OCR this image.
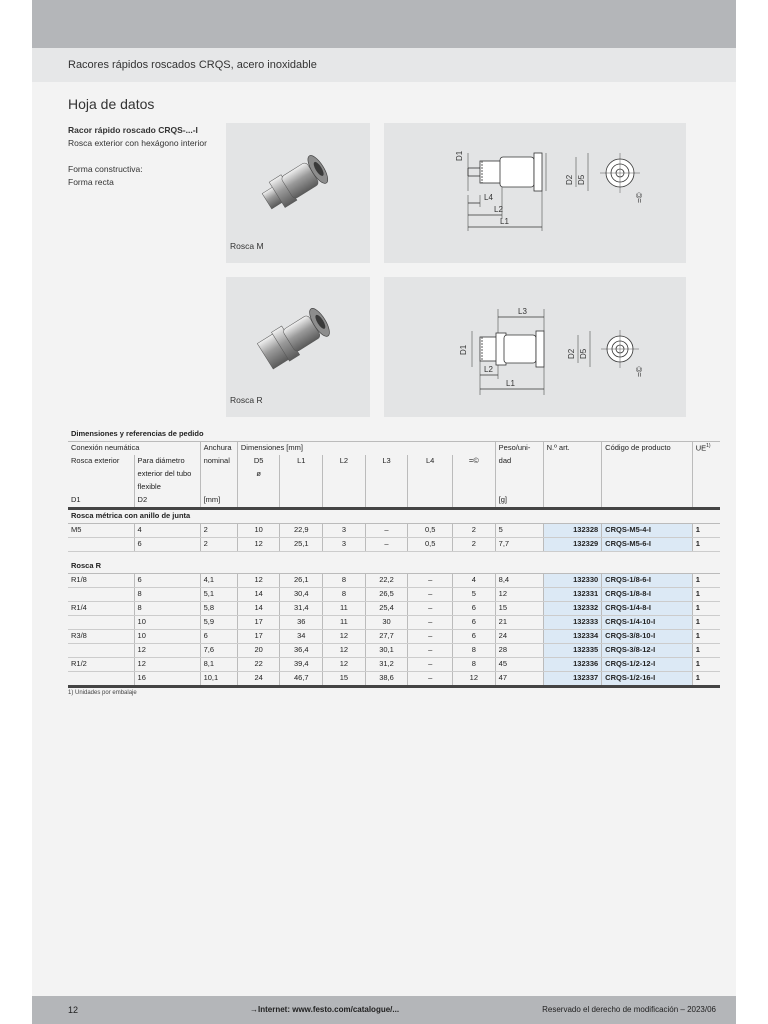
Racores rápidos roscados CRQS, acero inoxidable
Hoja de datos
Racor rápido roscado CRQS-...-I
Rosca exterior con hexágono interior
Forma constructiva:
Forma recta
Rosca M
D1
D2 D5
L4
L2
L1
=©
Rosca R
L3
D1	D2 D5
L2
L1
=©
Dimensiones y referencias de pedido												
Conexión neumática		Anchura	Dimensiones [mm]						Peso/uni-	N.º art.	Código de producto	UE$^{1)}$
Rosca exterior	Para diámetro	nominal	D5	L1	L2	L3	L4	=©	dad			
	exterior del tubo		ø									
	flexible											
D1	D2	[mm]							[g]			
Rosca métrica con anillo de junta												
M5	4	2	10	22,9	3	–	0,5	2	5	132328	CRQS-M5-4-I	1
	6	2	12	25,1	3	–	0,5	2	7,7	132329	CRQS-M5-6-I	1

Rosca R												
R1/8	6	4,1	12	26,1	8	22,2	–	4	8,4	132330	CRQS-1/8-6-I	1
	8	5,1	14	30,4	8	26,5	–	5	12	132331	CRQS-1/8-8-I	1
R1/4	8	5,8	14	31,4	11	25,4	–	6	15	132332	CRQS-1/4-8-I	1
	10	5,9	17	36	11	30	–	6	21	132333	CRQS-1/4-10-I	1
R3/8	10	6	17	34	12	27,7	–	6	24	132334	CRQS-3/8-10-I	1
	12	7,6	20	36,4	12	30,1	–	8	28	132335	CRQS-3/8-12-I	1
R1/2	12	8,1	22	39,4	12	31,2	–	8	45	132336	CRQS-1/2-12-I	1
	16	10,1	24	46,7	15	38,6	–	12	47	132337	CRQS-1/2-16-I	1
1) Unidades por embalaje
12	→Internet: www.festo.com/catalogue/...	Reservado el derecho de modificación – 2023/06
